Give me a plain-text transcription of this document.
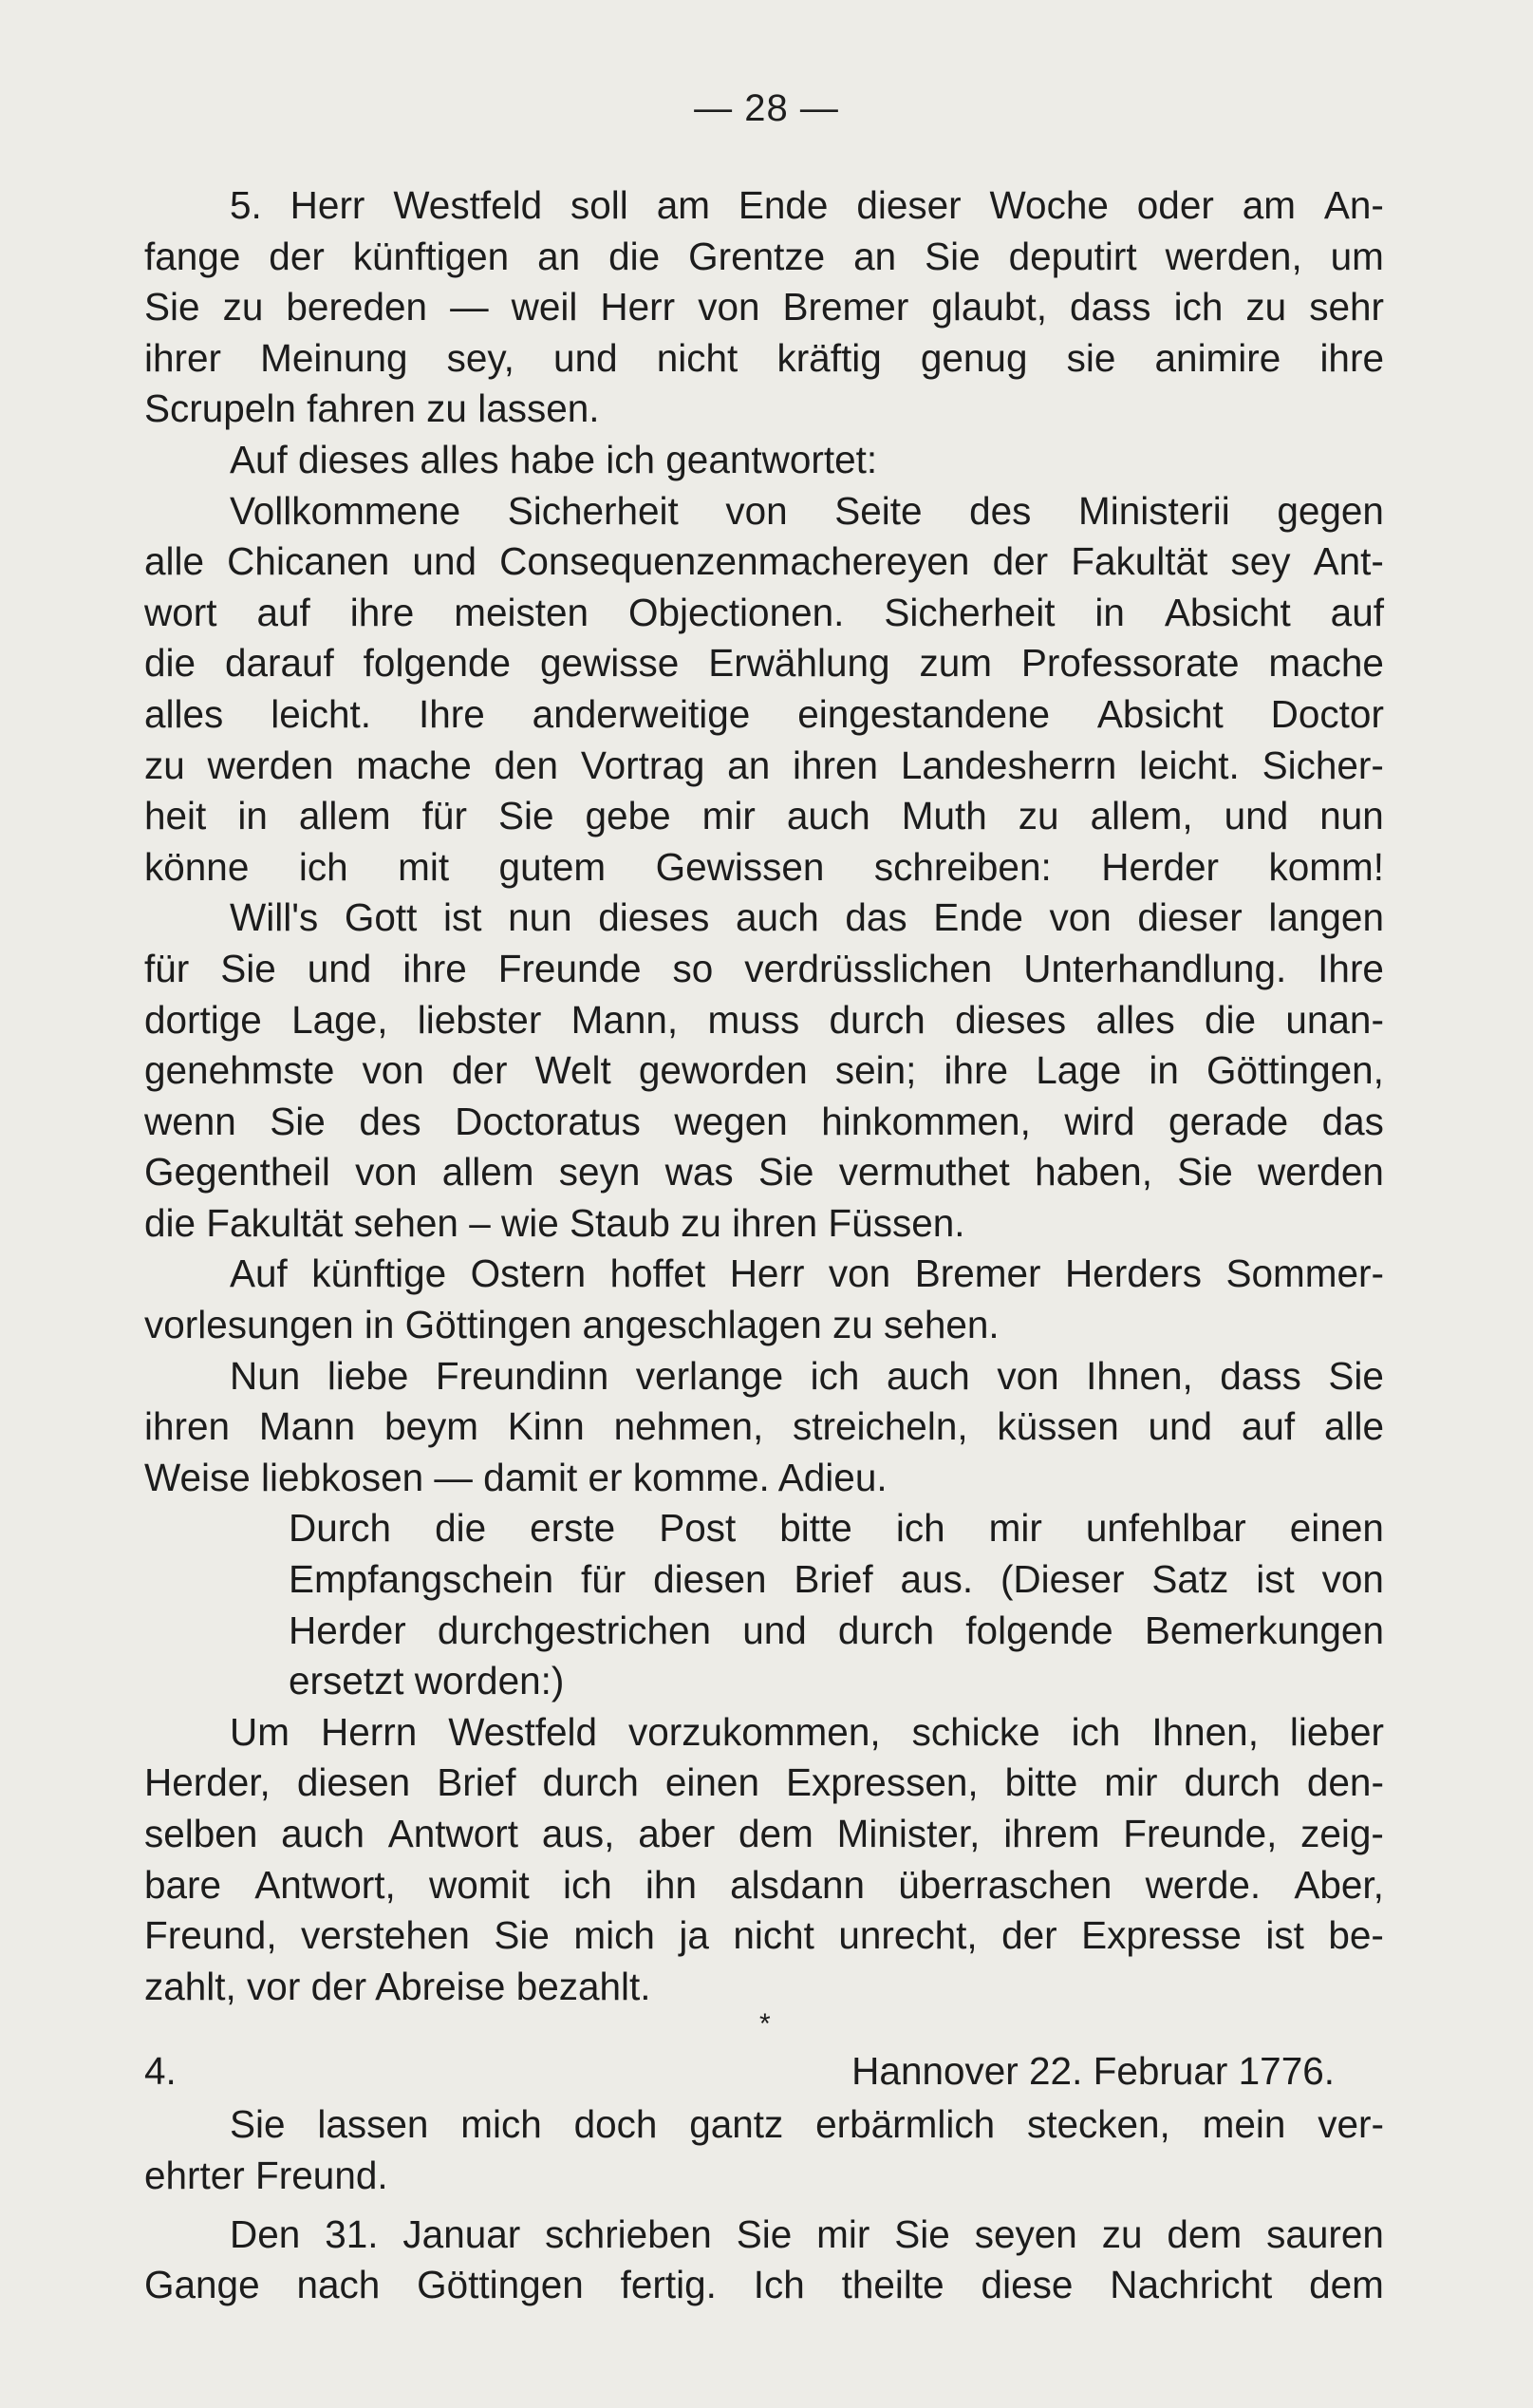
— 28 —
5. Herr Westfeld soll am Ende dieser Woche oder am An-
fange der künftigen an die Grentze an Sie deputirt werden, um
Sie zu bereden — weil Herr von Bremer glaubt, dass ich zu sehr
ihrer Meinung sey, und nicht kräftig genug sie animire ihre
Scrupeln fahren zu lassen.
Auf dieses alles habe ich geantwortet:
Vollkommene Sicherheit von Seite des Ministerii gegen
alle Chicanen und Consequenzenmachereyen der Fakultät sey Ant-
wort auf ihre meisten Objectionen. Sicherheit in Absicht auf
die darauf folgende gewisse Erwählung zum Professorate mache
alles leicht. Ihre anderweitige eingestandene Absicht Doctor
zu werden mache den Vortrag an ihren Landesherrn leicht. Sicher-
heit in allem für Sie gebe mir auch Muth zu allem, und nun
könne ich mit gutem Gewissen schreiben: Herder komm!
Will's Gott ist nun dieses auch das Ende von dieser langen
für Sie und ihre Freunde so verdrüsslichen Unterhandlung. Ihre
dortige Lage, liebster Mann, muss durch dieses alles die unan-
genehmste von der Welt geworden sein; ihre Lage in Göttingen,
wenn Sie des Doctoratus wegen hinkommen, wird gerade das
Gegentheil von allem seyn was Sie vermuthet haben, Sie werden
die Fakultät sehen – wie Staub zu ihren Füssen.
Auf künftige Ostern hoffet Herr von Bremer Herders Sommer-
vorlesungen in Göttingen angeschlagen zu sehen.
Nun liebe Freundinn verlange ich auch von Ihnen, dass Sie
ihren Mann beym Kinn nehmen, streicheln, küssen und auf alle
Weise liebkosen — damit er komme. Adieu.
Durch die erste Post bitte ich mir unfehlbar einen
Empfangschein für diesen Brief aus. (Dieser Satz ist von
Herder durchgestrichen und durch folgende Bemerkungen
ersetzt worden:)
Um Herrn Westfeld vorzukommen, schicke ich Ihnen, lieber
Herder, diesen Brief durch einen Expressen, bitte mir durch den-
selben auch Antwort aus, aber dem Minister, ihrem Freunde, zeig-
bare Antwort, womit ich ihn alsdann überraschen werde. Aber,
Freund, verstehen Sie mich ja nicht unrecht, der Expresse ist be-
zahlt, vor der Abreise bezahlt.
*
4.	Hannover 22. Februar 1776.
Sie lassen mich doch gantz erbärmlich stecken, mein ver-
ehrter Freund.
Den 31. Januar schrieben Sie mir Sie seyen zu dem sauren
Gange nach Göttingen fertig. Ich theilte diese Nachricht dem
